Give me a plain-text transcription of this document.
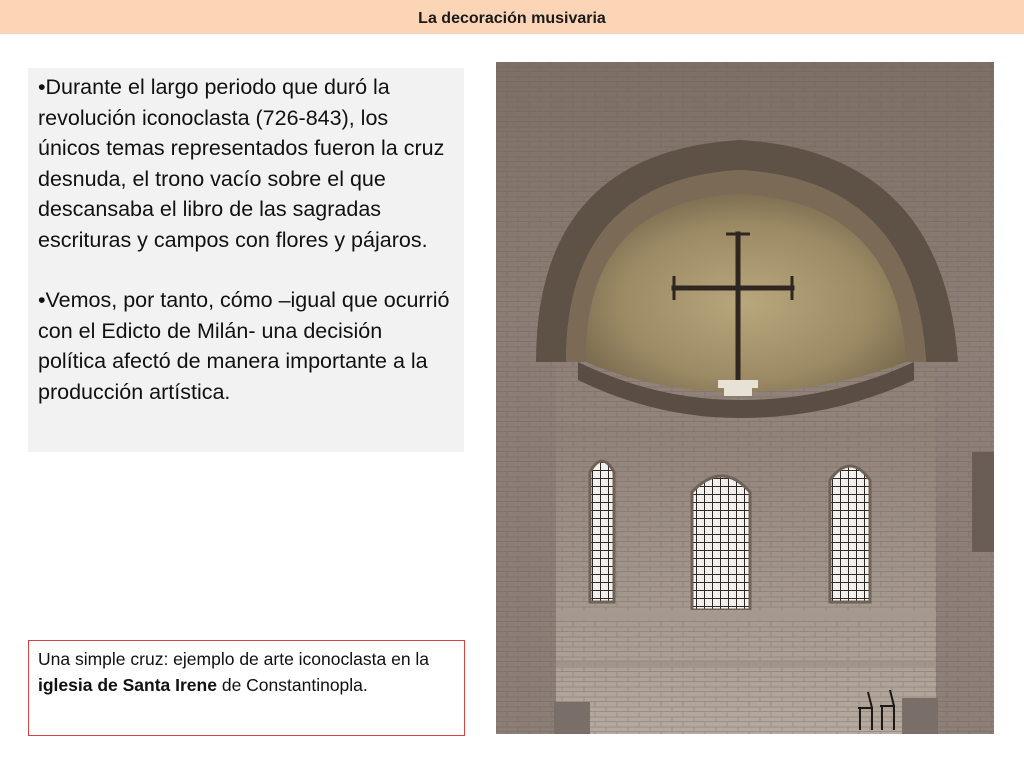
La decoración musivaria

•Durante el largo periodo que duró la revolución iconoclasta (726-843), los únicos temas representados fueron la cruz desnuda, el trono vacío sobre el que descansaba el libro de las sagradas escrituras y campos con flores y pájaros.

•Vemos, por tanto, cómo –igual que ocurrió con el Edicto de Milán- una decisión política afectó de manera importante a la producción artística.

Una simple cruz: ejemplo de arte iconoclasta en la iglesia de Santa Irene de Constantinopla.
